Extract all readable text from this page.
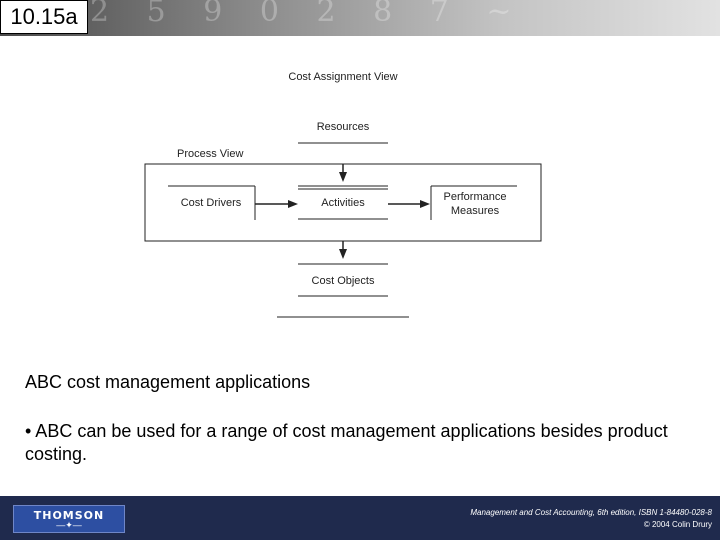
2 5 9 0 2 8 7 ~
10.15a
Cost Assignment View
Resources
Process View
Cost Drivers	Activities	Performance
Measures
Cost Objects
ABC cost management applications
• ABC can be used for a range of cost management applications besides product costing.
THOMSON
—✦—
Management and Cost Accounting, 6th edition, ISBN 1-84480-028-8
© 2004 Colin Drury
